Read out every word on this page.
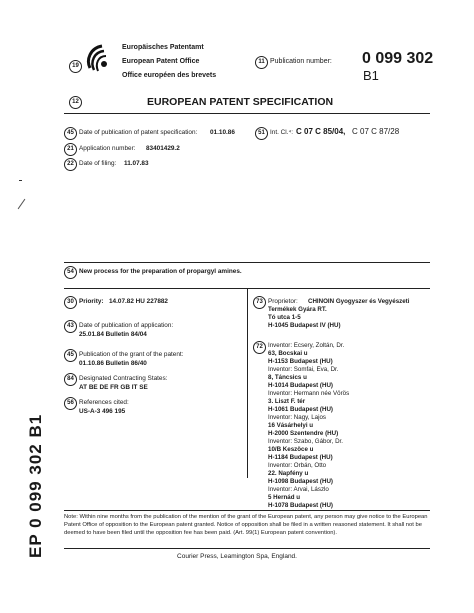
19
Europäisches Patentamt
European Patent Office
Office européen des brevets
11 Publication number: 0 099 302
B1
12	EUROPEAN PATENT SPECIFICATION
45 Date of publication of patent specification: 01.10.86	51 Int. Cl.⁴: C 07 C 85/04, C 07 C 87/28
21 Application number: 83401429.2
22 Date of filing: 11.07.83
54 New process for the preparation of propargyl amines.
30 Priority: 14.07.82 HU 227882
43 Date of publication of application:
25.01.84 Bulletin 84/04
45 Publication of the grant of the patent:
01.10.86 Bulletin 86/40
84 Designated Contracting States:
AT BE DE FR GB IT SE
56 References cited:
US-A-3 496 195
73 Proprietor: CHINOIN Gyogyszer és Vegyészeti
Termékek Gyára RT.
Tó utca 1-5
H-1045 Budapest IV (HU)
72 Inventor: Ecsery, Zoltán, Dr.
63, Bocskai u
H-1153 Budapest (HU)
Inventor: Somfai, Eva, Dr.
8, Táncsics u
H-1014 Budapest (HU)
Inventor: Hermann née Vörös
3. Liszt F. tér
H-1061 Budapest (HU)
Inventor: Nagy, Lajos
16 Vásárhelyi u
H-2000 Szentendre (HU)
Inventor: Szabo, Gábor, Dr.
10/B Keszöce u
H-1184 Budapest (HU)
Inventor: Orbán, Otto
22. Napfény u
H-1098 Budapest (HU)
Inventor: Arvai, Lászlo
5 Hernád u
H-1078 Budapest (HU)
EP 0 099 302 B1	Note: Within nine months from the publication of the mention of the grant of the European patent, any person may give notice to the European Patent Office of opposition to the European patent granted. Notice of opposition shall be filed in a written reasoned statement. It shall not be deemed to have been filed until the opposition fee has been paid. (Art. 99(1) European patent convention).
Courier Press, Leamington Spa, England.
